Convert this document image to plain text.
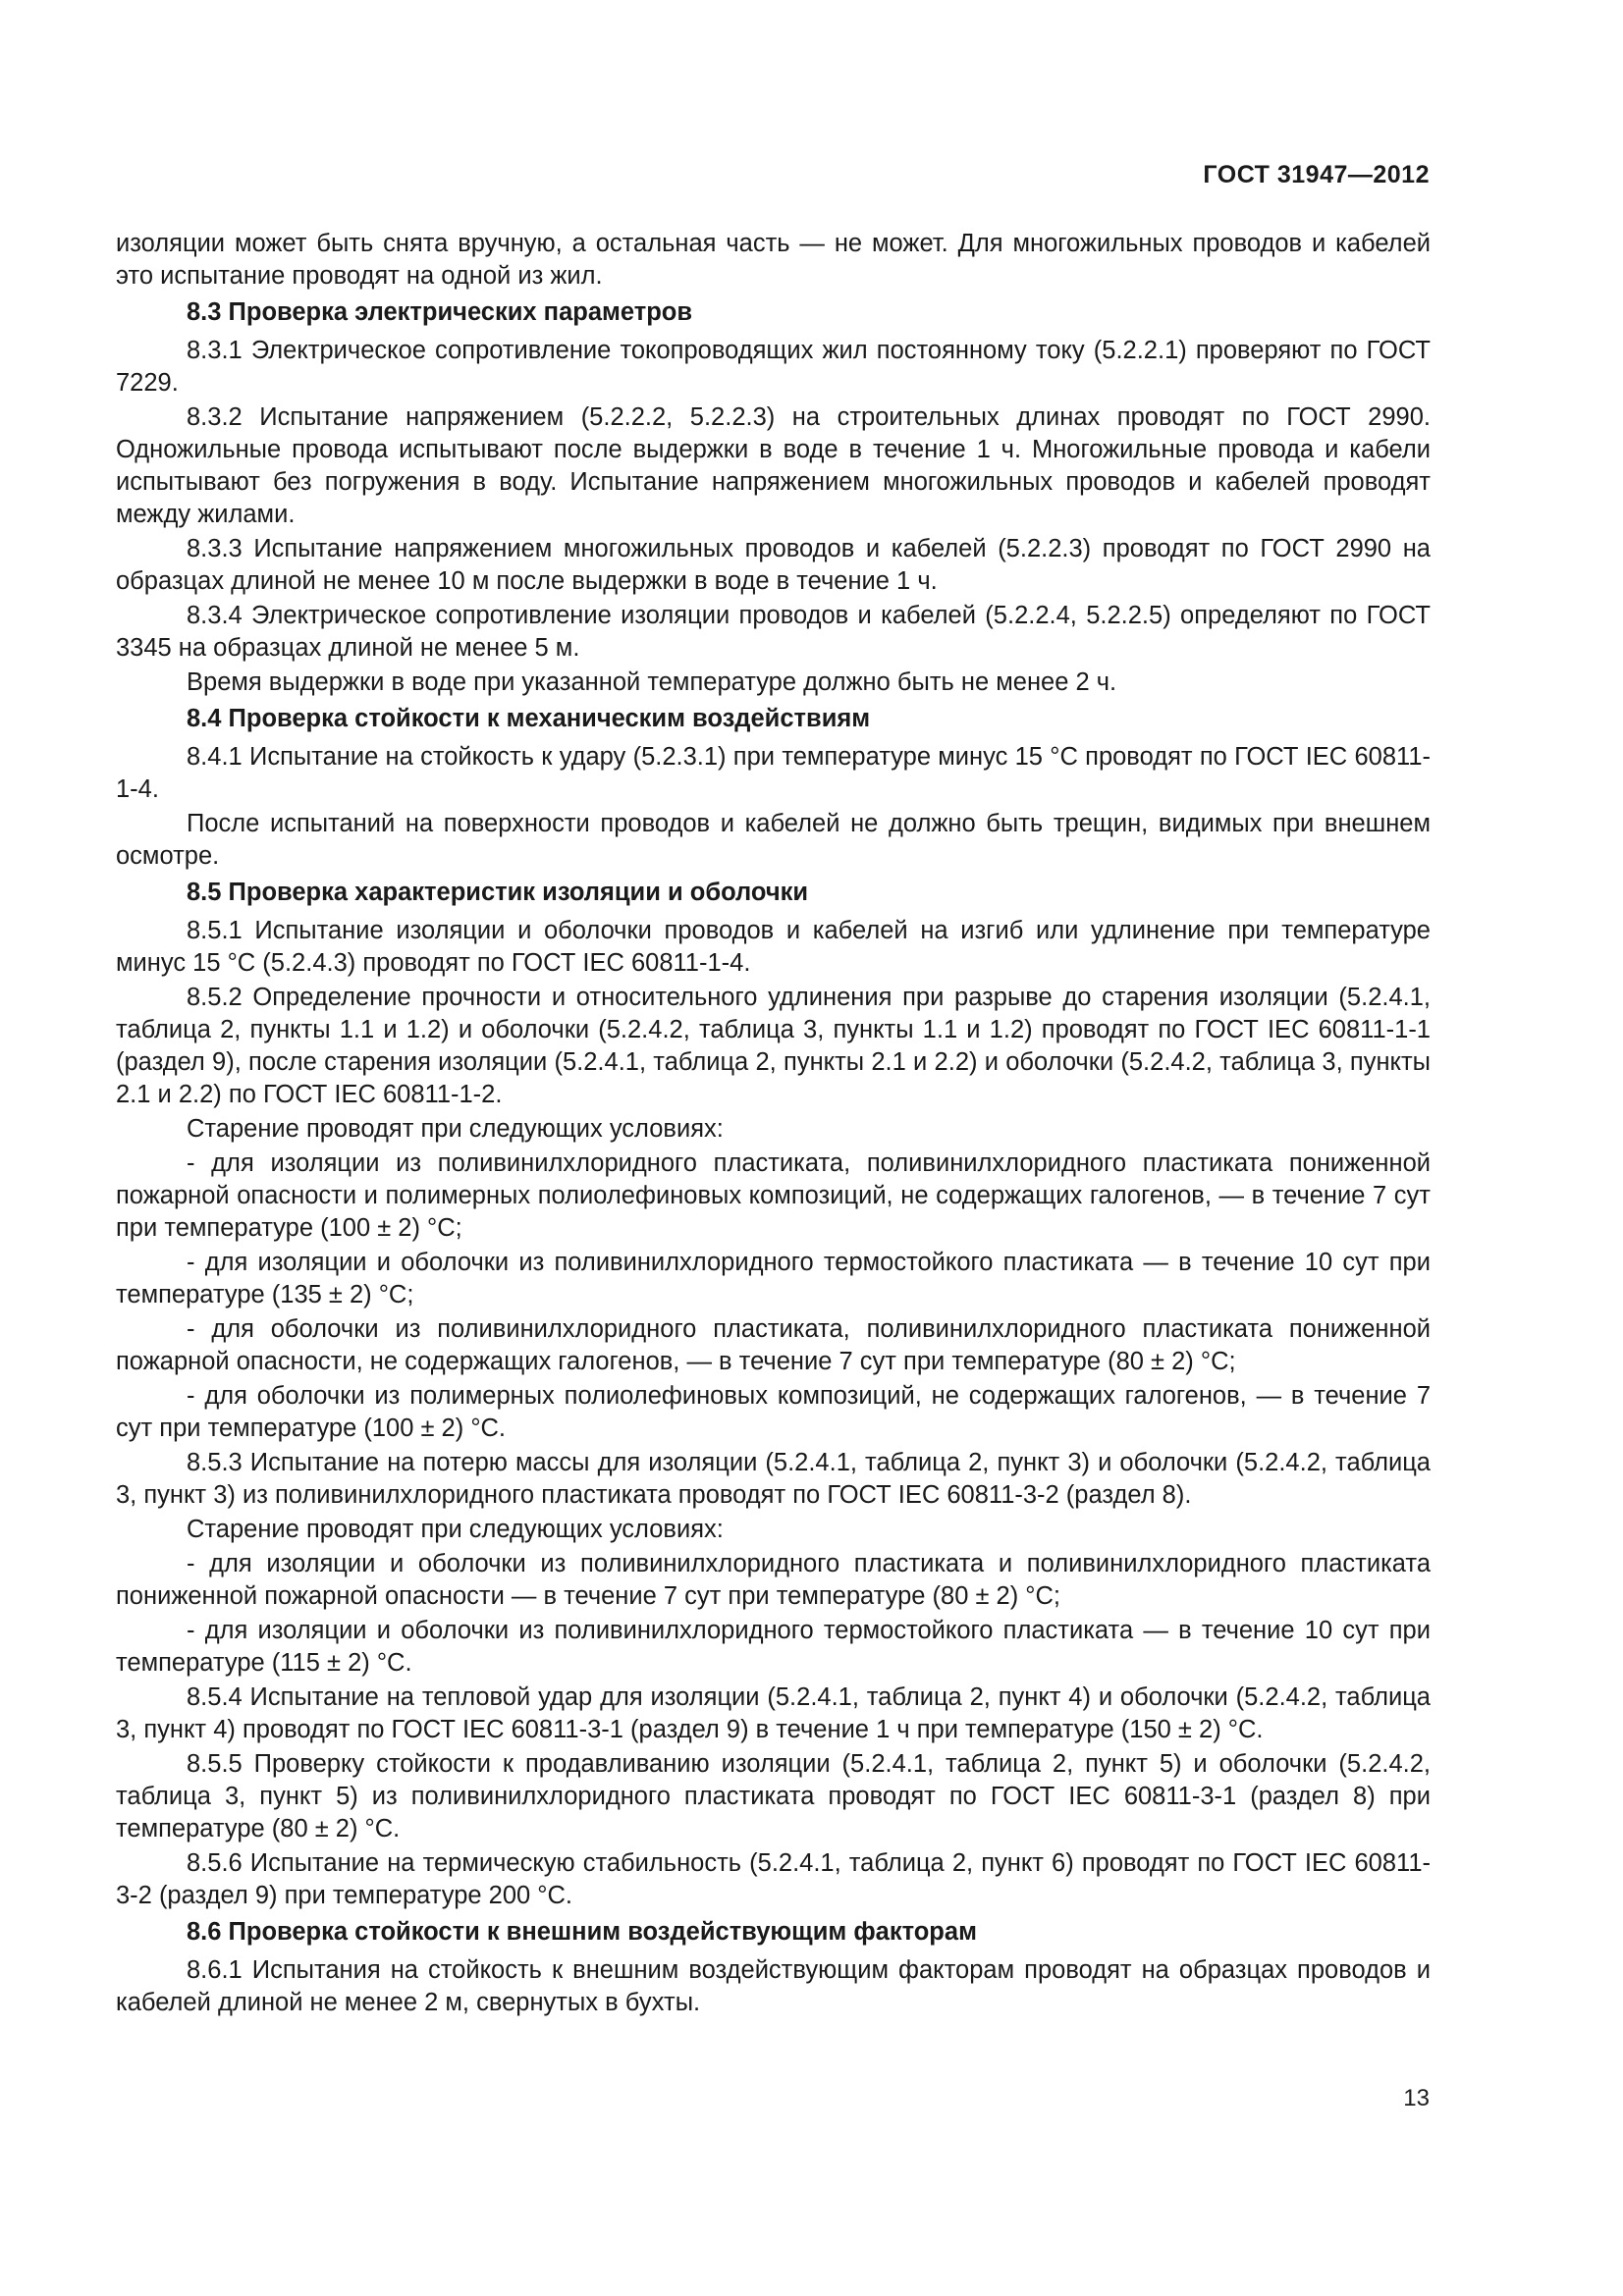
ГОСТ 31947—2012

изоляции может быть снята вручную, а остальная часть — не может. Для многожильных проводов и кабелей это испытание проводят на одной из жил.

8.3 Проверка электрических параметров

8.3.1 Электрическое сопротивление токопроводящих жил постоянному току (5.2.2.1) проверяют по ГОСТ 7229.

8.3.2 Испытание напряжением (5.2.2.2, 5.2.2.3) на строительных длинах проводят по ГОСТ 2990. Одножильные провода испытывают после выдержки в воде в течение 1 ч. Многожильные провода и кабели испытывают без погружения в воду. Испытание напряжением многожильных проводов и кабелей проводят между жилами.

8.3.3 Испытание напряжением многожильных проводов и кабелей (5.2.2.3) проводят по ГОСТ 2990 на образцах длиной не менее 10 м после выдержки в воде в течение 1 ч.

8.3.4 Электрическое сопротивление изоляции проводов и кабелей (5.2.2.4, 5.2.2.5) определяют по ГОСТ 3345 на образцах длиной не менее 5 м.

Время выдержки в воде при указанной температуре должно быть не менее 2 ч.

8.4 Проверка стойкости к механическим воздействиям

8.4.1 Испытание на стойкость к удару (5.2.3.1) при температуре минус 15 °С проводят по ГОСТ IEC 60811-1-4.

После испытаний на поверхности проводов и кабелей не должно быть трещин, видимых при внешнем осмотре.

8.5 Проверка характеристик изоляции и оболочки

8.5.1 Испытание изоляции и оболочки проводов и кабелей на изгиб или удлинение при температуре минус 15 °С (5.2.4.3) проводят по ГОСТ IEC 60811-1-4.

8.5.2 Определение прочности и относительного удлинения при разрыве до старения изоляции (5.2.4.1, таблица 2, пункты 1.1 и 1.2) и оболочки (5.2.4.2, таблица 3, пункты 1.1 и 1.2) проводят по ГОСТ IEC 60811-1-1 (раздел 9), после старения изоляции (5.2.4.1, таблица 2, пункты 2.1 и 2.2) и оболочки (5.2.4.2, таблица 3, пункты 2.1 и 2.2) по ГОСТ IEC 60811-1-2.

Старение проводят при следующих условиях:

- для изоляции из поливинилхлоридного пластиката, поливинилхлоридного пластиката пониженной пожарной опасности и полимерных полиолефиновых композиций, не содержащих галогенов, — в течение 7 сут при температуре (100 ± 2) °С;

- для изоляции и оболочки из поливинилхлоридного термостойкого пластиката — в течение 10 сут при температуре (135 ± 2) °С;

- для оболочки из поливинилхлоридного пластиката, поливинилхлоридного пластиката пониженной пожарной опасности, не содержащих галогенов, — в течение 7 сут при температуре (80 ± 2) °С;

- для оболочки из полимерных полиолефиновых композиций, не содержащих галогенов, — в течение 7 сут при температуре (100 ± 2) °С.

8.5.3 Испытание на потерю массы для изоляции (5.2.4.1, таблица 2, пункт 3) и оболочки (5.2.4.2, таблица 3, пункт 3) из поливинилхлоридного пластиката проводят по ГОСТ IEC 60811-3-2 (раздел 8).

Старение проводят при следующих условиях:

- для изоляции и оболочки из поливинилхлоридного пластиката и поливинилхлоридного пластиката пониженной пожарной опасности — в течение 7 сут при температуре (80 ± 2) °С;

- для изоляции и оболочки из поливинилхлоридного термостойкого пластиката — в течение 10 сут при температуре (115 ± 2) °С.

8.5.4 Испытание на тепловой удар для изоляции (5.2.4.1, таблица 2, пункт 4) и оболочки (5.2.4.2, таблица 3, пункт 4) проводят по ГОСТ IEC 60811-3-1 (раздел 9) в течение 1 ч при температуре (150 ± 2) °С.

8.5.5 Проверку стойкости к продавливанию изоляции (5.2.4.1, таблица 2, пункт 5) и оболочки (5.2.4.2, таблица 3, пункт 5) из поливинилхлоридного пластиката проводят по ГОСТ IEC 60811-3-1 (раздел 8) при температуре (80 ± 2) °С.

8.5.6 Испытание на термическую стабильность (5.2.4.1, таблица 2, пункт 6) проводят по ГОСТ IEC 60811-3-2 (раздел 9) при температуре 200 °С.

8.6 Проверка стойкости к внешним воздействующим факторам

8.6.1 Испытания на стойкость к внешним воздействующим факторам проводят на образцах проводов и кабелей длиной не менее 2 м, свернутых в бухты.

13
